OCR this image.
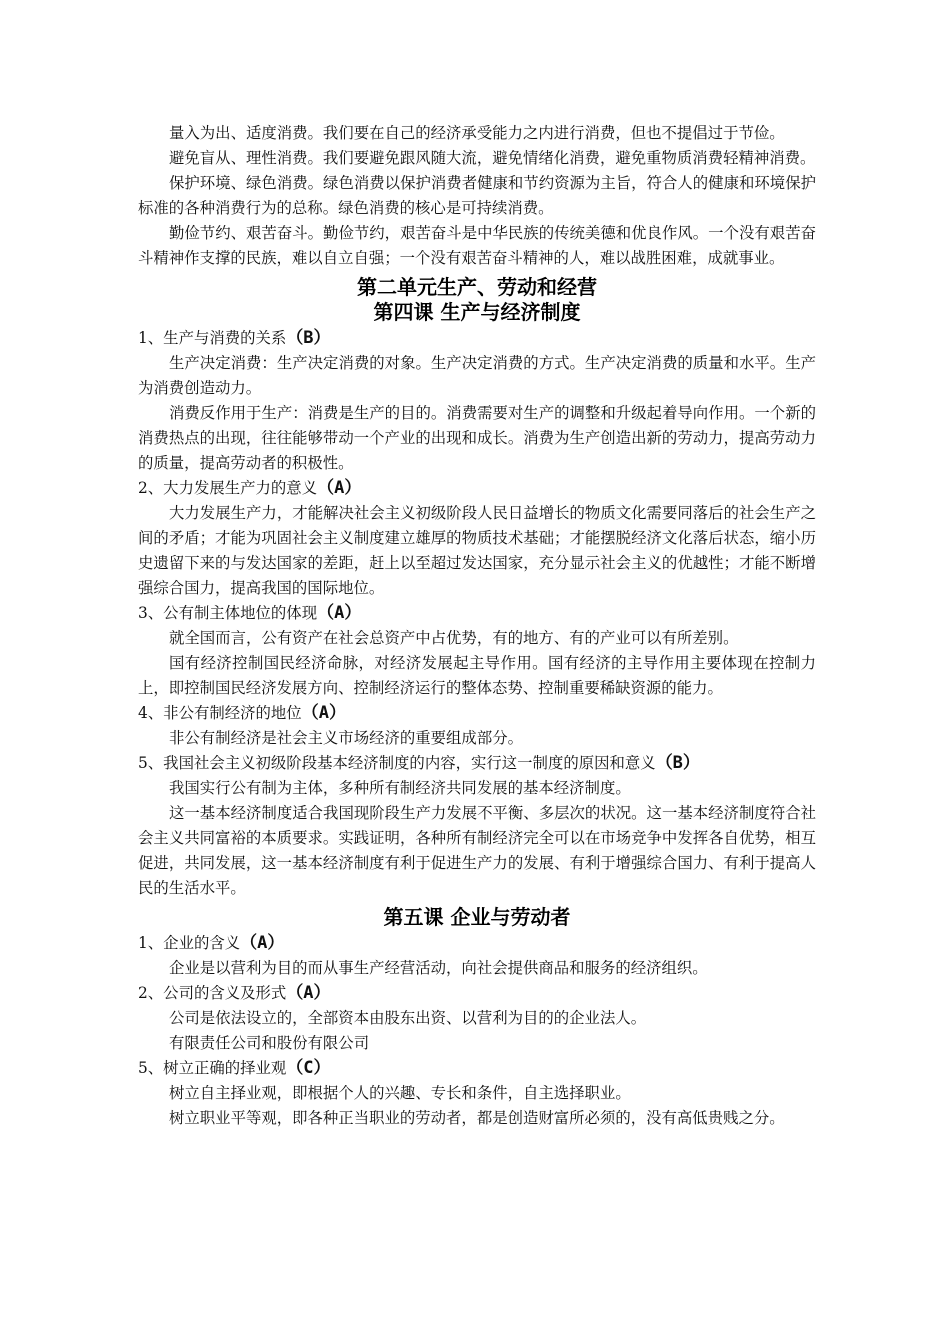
量入为出、适度消费。我们要在自己的经济承受能力之内进行消费，但也不提倡过于节俭。

避免盲从、理性消费。我们要避免跟风随大流，避免情绪化消费，避免重物质消费轻精神消费。

保护环境、绿色消费。绿色消费以保护消费者健康和节约资源为主旨，符合人的健康和环境保护标准的各种消费行为的总称。绿色消费的核心是可持续消费。

勤俭节约、艰苦奋斗。勤俭节约，艰苦奋斗是中华民族的传统美德和优良作风。一个没有艰苦奋斗精神作支撑的民族，难以自立自强；一个没有艰苦奋斗精神的人，难以战胜困难，成就事业。

第二单元生产、劳动和经营
第四课 生产与经济制度

1、生产与消费的关系（B）

生产决定消费：生产决定消费的对象。生产决定消费的方式。生产决定消费的质量和水平。生产为消费创造动力。

消费反作用于生产：消费是生产的目的。消费需要对生产的调整和升级起着导向作用。一个新的消费热点的出现，往往能够带动一个产业的出现和成长。消费为生产创造出新的劳动力，提高劳动力的质量，提高劳动者的积极性。

2、大力发展生产力的意义（A）

大力发展生产力，才能解决社会主义初级阶段人民日益增长的物质文化需要同落后的社会生产之间的矛盾；才能为巩固社会主义制度建立雄厚的物质技术基础；才能摆脱经济文化落后状态，缩小历史遗留下来的与发达国家的差距，赶上以至超过发达国家，充分显示社会主义的优越性；才能不断增强综合国力，提高我国的国际地位。

3、公有制主体地位的体现（A）

就全国而言，公有资产在社会总资产中占优势，有的地方、有的产业可以有所差别。

国有经济控制国民经济命脉，对经济发展起主导作用。国有经济的主导作用主要体现在控制力上，即控制国民经济发展方向、控制经济运行的整体态势、控制重要稀缺资源的能力。

4、非公有制经济的地位（A）

非公有制经济是社会主义市场经济的重要组成部分。

5、我国社会主义初级阶段基本经济制度的内容，实行这一制度的原因和意义（B）

我国实行公有制为主体，多种所有制经济共同发展的基本经济制度。

这一基本经济制度适合我国现阶段生产力发展不平衡、多层次的状况。这一基本经济制度符合社会主义共同富裕的本质要求。实践证明，各种所有制经济完全可以在市场竞争中发挥各自优势，相互促进，共同发展，这一基本经济制度有利于促进生产力的发展、有利于增强综合国力、有利于提高人民的生活水平。

第五课 企业与劳动者

1、企业的含义（A）

企业是以营利为目的而从事生产经营活动，向社会提供商品和服务的经济组织。

2、公司的含义及形式（A）

公司是依法设立的，全部资本由股东出资、以营利为目的的企业法人。

有限责任公司和股份有限公司

5、树立正确的择业观（C）

树立自主择业观，即根据个人的兴趣、专长和条件，自主选择职业。

树立职业平等观，即各种正当职业的劳动者，都是创造财富所必须的，没有高低贵贱之分。
